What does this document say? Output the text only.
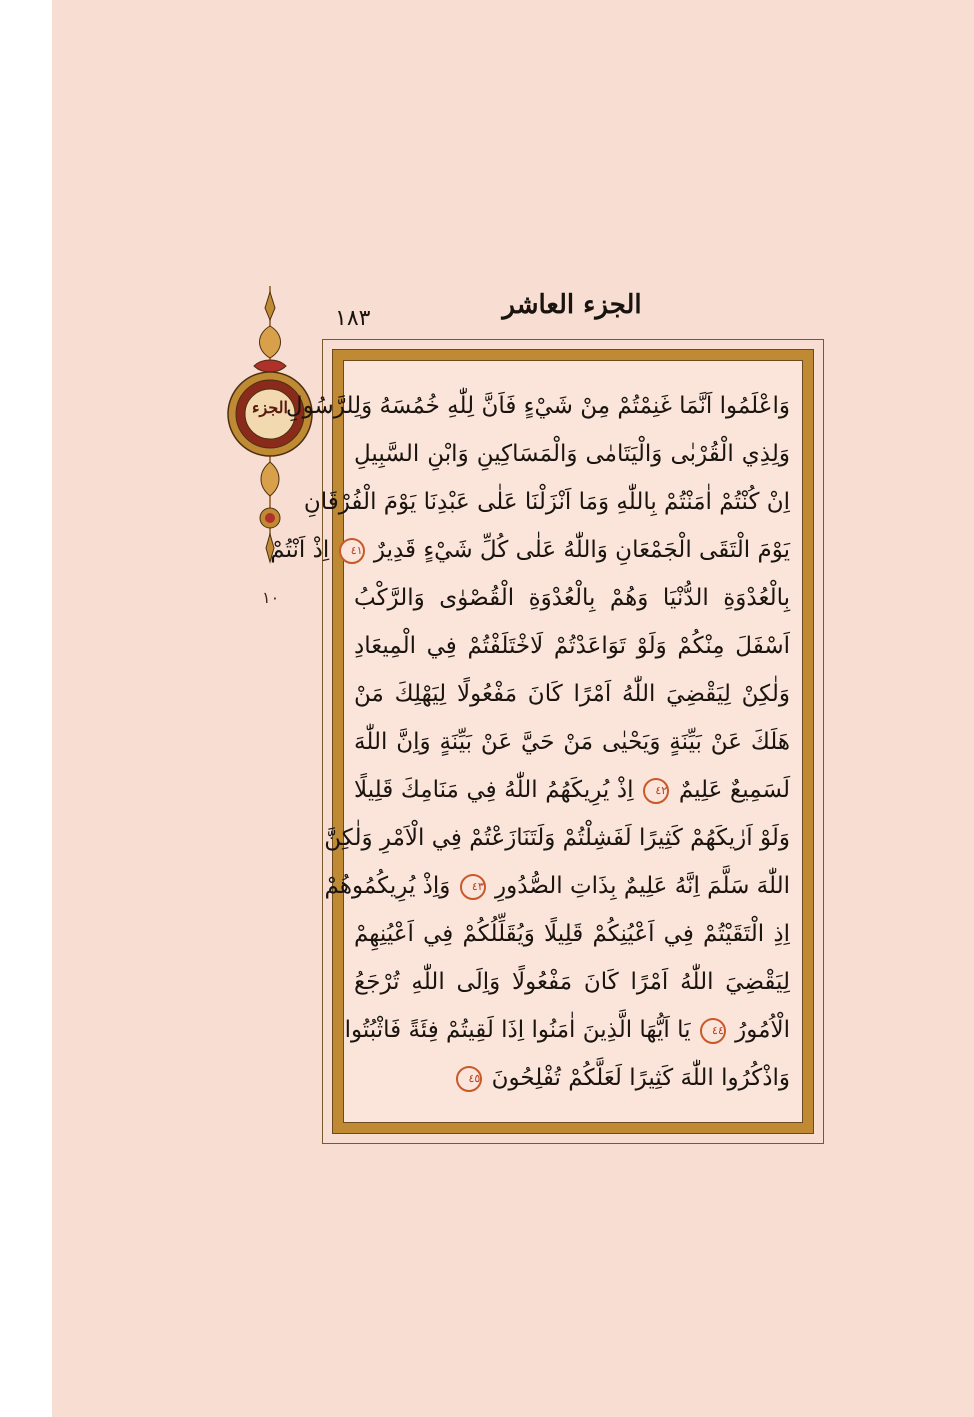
الجزء
الجزء العاشر
١٨٣
١٠
وَاعْلَمُوا اَنَّمَا غَنِمْتُمْ مِنْ شَيْءٍ فَاَنَّ لِلّٰهِ خُمُسَهُ وَلِلرَّسُولِ
وَلِذِي الْقُرْبٰى وَالْيَتَامٰى وَالْمَسَاكِينِ وَابْنِ السَّبِيلِ
اِنْ كُنْتُمْ اٰمَنْتُمْ بِاللّٰهِ وَمَا اَنْزَلْنَا عَلٰى عَبْدِنَا يَوْمَ الْفُرْقَانِ
يَوْمَ الْتَقَى الْجَمْعَانِ وَاللّٰهُ عَلٰى كُلِّ شَيْءٍ قَدِيرٌ ٤١ اِذْ اَنْتُمْ
بِالْعُدْوَةِ الدُّنْيَا وَهُمْ بِالْعُدْوَةِ الْقُصْوٰى وَالرَّكْبُ
اَسْفَلَ مِنْكُمْ وَلَوْ تَوَاعَدْتُمْ لَاخْتَلَفْتُمْ فِي الْمِيعَادِ
وَلٰكِنْ لِيَقْضِيَ اللّٰهُ اَمْرًا كَانَ مَفْعُولًا لِيَهْلِكَ مَنْ
هَلَكَ عَنْ بَيِّنَةٍ وَيَحْيٰى مَنْ حَيَّ عَنْ بَيِّنَةٍ وَاِنَّ اللّٰهَ
لَسَمِيعٌ عَلِيمٌ ٤٢ اِذْ يُرِيكَهُمُ اللّٰهُ فِي مَنَامِكَ قَلِيلًا
وَلَوْ اَرٰيكَهُمْ كَثِيرًا لَفَشِلْتُمْ وَلَتَنَازَعْتُمْ فِي الْاَمْرِ وَلٰكِنَّ
اللّٰهَ سَلَّمَ اِنَّهُ عَلِيمٌ بِذَاتِ الصُّدُورِ ٤٣ وَاِذْ يُرِيكُمُوهُمْ
اِذِ الْتَقَيْتُمْ فِي اَعْيُنِكُمْ قَلِيلًا وَيُقَلِّلُكُمْ فِي اَعْيُنِهِمْ
لِيَقْضِيَ اللّٰهُ اَمْرًا كَانَ مَفْعُولًا وَاِلَى اللّٰهِ تُرْجَعُ
الْاُمُورُ ٤٤ يَا اَيُّهَا الَّذِينَ اٰمَنُوا اِذَا لَقِيتُمْ فِئَةً فَاثْبُتُوا
وَاذْكُرُوا اللّٰهَ كَثِيرًا لَعَلَّكُمْ تُفْلِحُونَ ٤٥
